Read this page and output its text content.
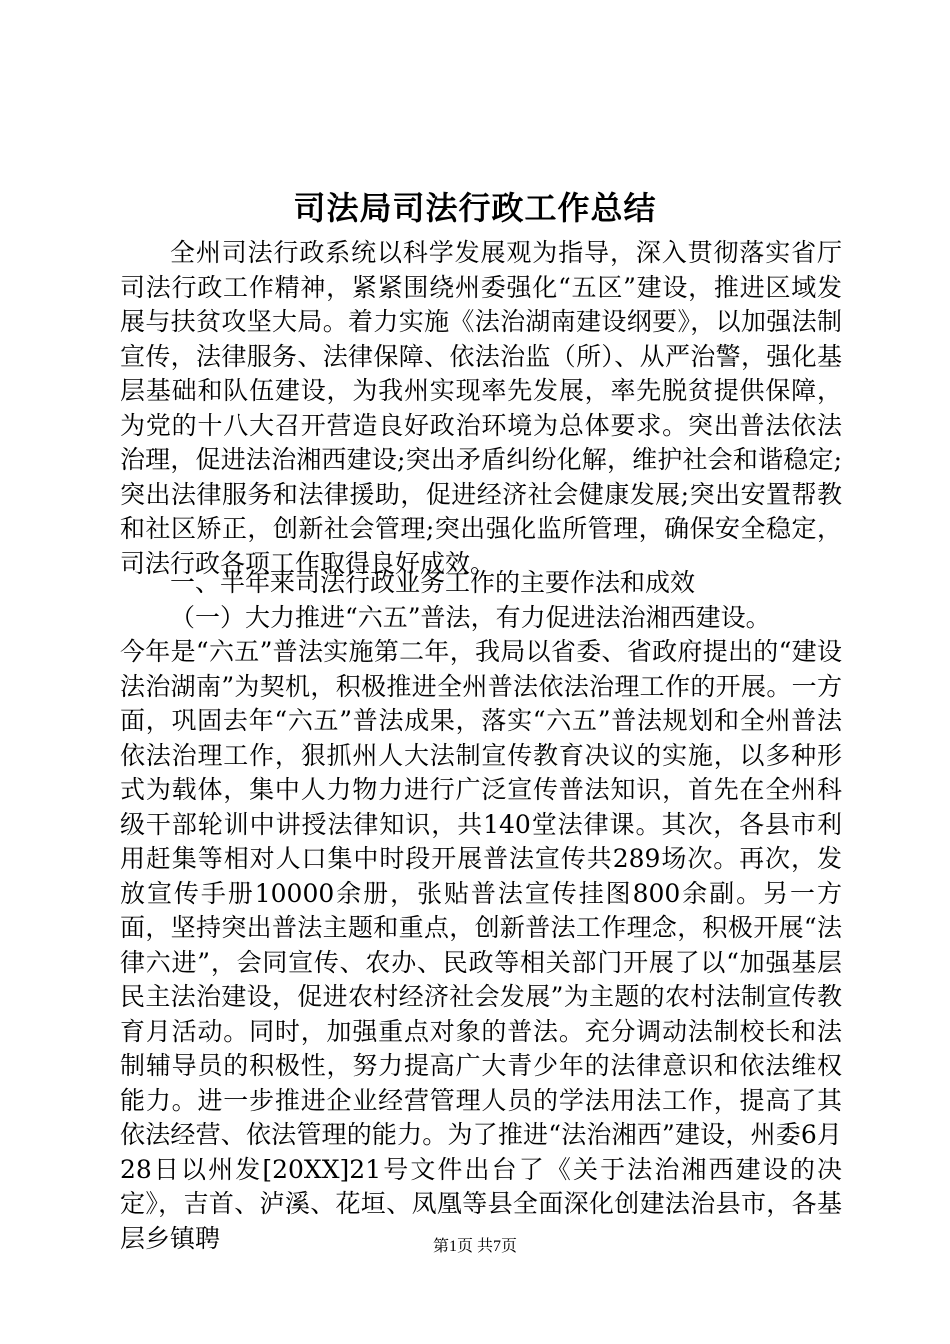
司法局司法行政工作总结
全州司法行政系统以科学发展观为指导，深入贯彻落实省厅司法行政工作精神，紧紧围绕州委强化“五区”建设，推进区域发展与扶贫攻坚大局。着力实施《法治湖南建设纲要》，以加强法制宣传，法律服务、法律保障、依法治监（所）、从严治警，强化基层基础和队伍建设，为我州实现率先发展，率先脱贫提供保障，为党的十八大召开营造良好政治环境为总体要求。突出普法依法治理，促进法治湘西建设;突出矛盾纠纷化解，维护社会和谐稳定;突出法律服务和法律援助，促进经济社会健康发展;突出安置帮教和社区矫正，创新社会管理;突出强化监所管理，确保安全稳定，司法行政各项工作取得良好成效。
一、半年来司法行政业务工作的主要作法和成效
（一）大力推进“六五”普法，有力促进法治湘西建设。
今年是“六五”普法实施第二年，我局以省委、省政府提出的“建设法治湖南”为契机，积极推进全州普法依法治理工作的开展。一方面，巩固去年“六五”普法成果，落实“六五”普法规划和全州普法依法治理工作，狠抓州人大法制宣传教育决议的实施，以多种形式为载体，集中人力物力进行广泛宣传普法知识，首先在全州科级干部轮训中讲授法律知识，共140堂法律课。其次，各县市利用赶集等相对人口集中时段开展普法宣传共289场次。再次，发放宣传手册10000余册，张贴普法宣传挂图800余副。另一方面，坚持突出普法主题和重点，创新普法工作理念，积极开展“法律六进”，会同宣传、农办、民政等相关部门开展了以“加强基层民主法治建设，促进农村经济社会发展”为主题的农村法制宣传教育月活动。同时，加强重点对象的普法。充分调动法制校长和法制辅导员的积极性，努力提高广大青少年的法律意识和依法维权能力。进一步推进企业经营管理人员的学法用法工作，提高了其依法经营、依法管理的能力。为了推进“法治湘西”建设，州委6月28日以州发[20XX]21号文件出台了《关于法治湘西建设的决定》，吉首、泸溪、花垣、凤凰等县全面深化创建法治县市，各基层乡镇聘	第1页 共7页
